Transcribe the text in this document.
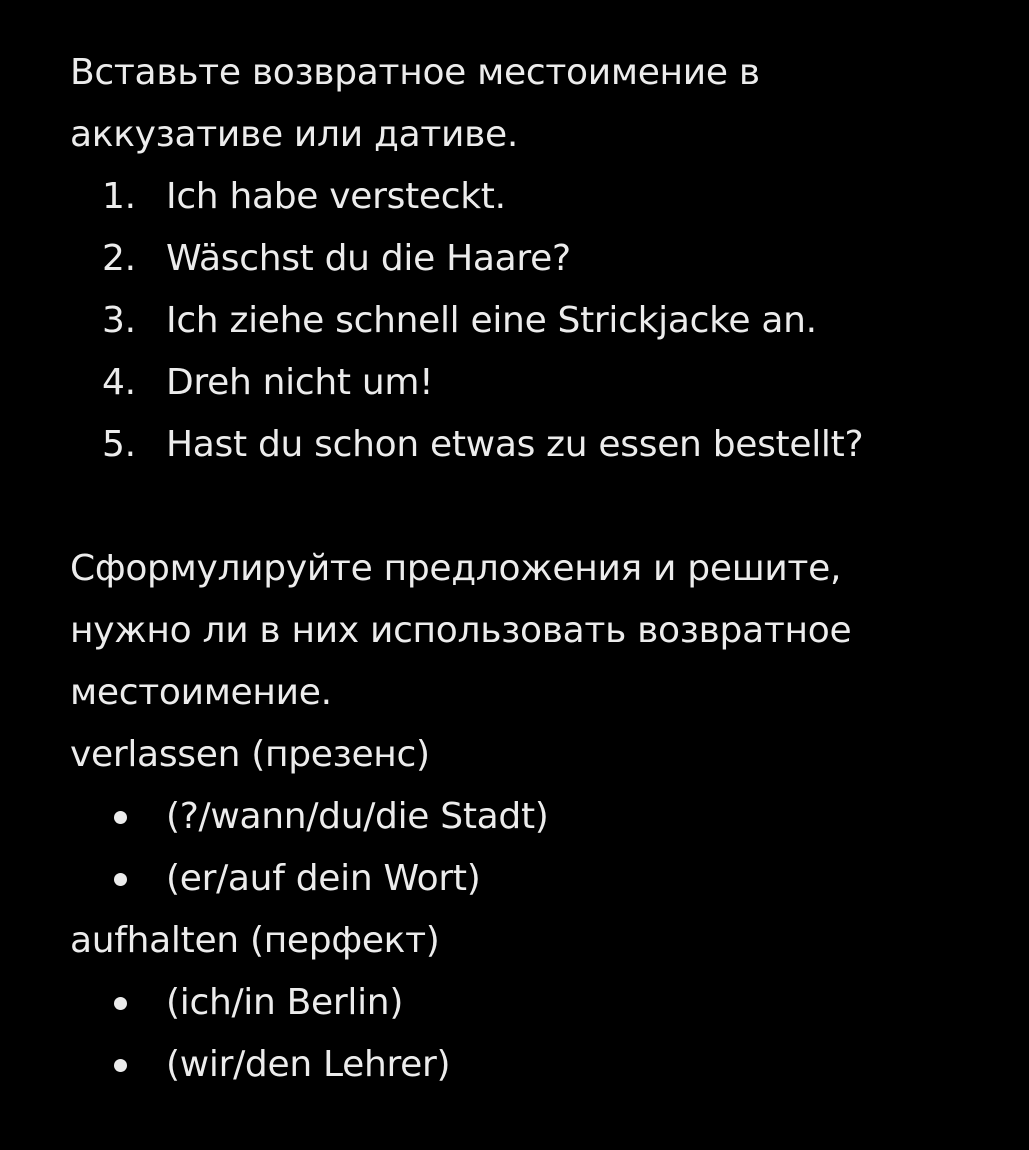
Вставьте возвратное местоимение в
аккузативе или дативе.

1. Ich habe versteckt.
2. Wäschst du die Haare?
3. Ich ziehe schnell eine Strickjacke an.
4. Dreh nicht um!
5. Hast du schon etwas zu essen bestellt?

Сформулируйте предложения и решите,
нужно ли в них использовать возвратное
местоимение.

verlassen (презенс)

(?/wann/du/die Stadt)
(er/auf dein Wort)

aufhalten (перфект)

(ich/in Berlin)
(wir/den Lehrer)
